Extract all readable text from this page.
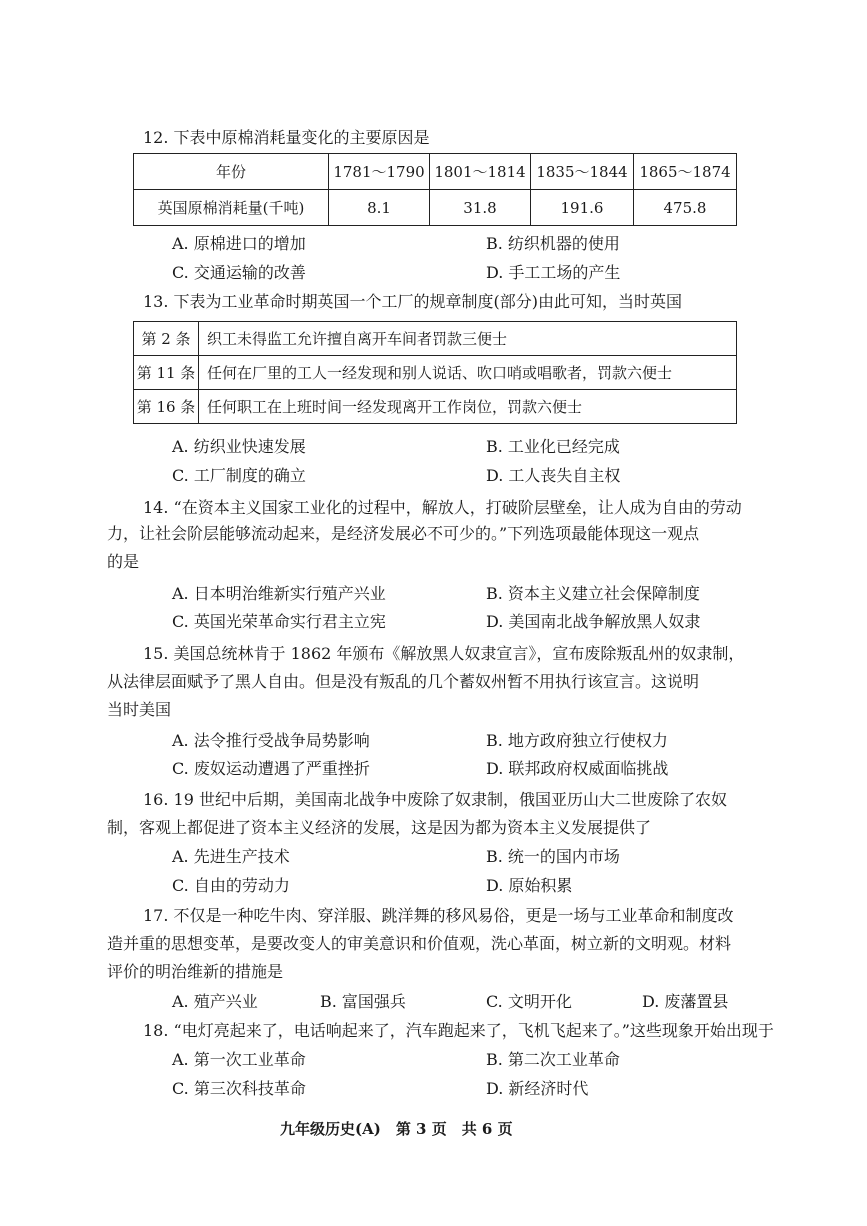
12. 下表中原棉消耗量变化的主要原因是
年份	1781～1790	1801～1814	1835～1844	1865～1874
英国原棉消耗量(千吨)	8.1	31.8	191.6	475.8
A. 原棉进口的增加	B. 纺织机器的使用
C. 交通运输的改善	D. 手工工场的产生
13. 下表为工业革命时期英国一个工厂的规章制度(部分)由此可知，当时英国
第 2 条	织工未得监工允许擅自离开车间者罚款三便士
第 11 条	任何在厂里的工人一经发现和别人说话、吹口哨或唱歌者，罚款六便士
第 16 条	任何职工在上班时间一经发现离开工作岗位，罚款六便士
A. 纺织业快速发展	B. 工业化已经完成
C. 工厂制度的确立	D. 工人丧失自主权
14. “在资本主义国家工业化的过程中，解放人，打破阶层壁垒，让人成为自由的劳动
力，让社会阶层能够流动起来，是经济发展必不可少的。”下列选项最能体现这一观点
的是
A. 日本明治维新实行殖产兴业	B. 资本主义建立社会保障制度
C. 英国光荣革命实行君主立宪	D. 美国南北战争解放黑人奴隶
15. 美国总统林肯于 1862 年颁布《解放黑人奴隶宣言》，宣布废除叛乱州的奴隶制，
从法律层面赋予了黑人自由。但是没有叛乱的几个蓄奴州暂不用执行该宣言。这说明
当时美国
A. 法令推行受战争局势影响	B. 地方政府独立行使权力
C. 废奴运动遭遇了严重挫折	D. 联邦政府权威面临挑战
16. 19 世纪中后期，美国南北战争中废除了奴隶制，俄国亚历山大二世废除了农奴
制，客观上都促进了资本主义经济的发展，这是因为都为资本主义发展提供了
A. 先进生产技术	B. 统一的国内市场
C. 自由的劳动力	D. 原始积累
17. 不仅是一种吃牛肉、穿洋服、跳洋舞的移风易俗，更是一场与工业革命和制度改
造并重的思想变革，是要改变人的审美意识和价值观，洗心革面，树立新的文明观。材料
评价的明治维新的措施是
A. 殖产兴业	B. 富国强兵	C. 文明开化	D. 废藩置县
18. “电灯亮起来了，电话响起来了，汽车跑起来了，飞机飞起来了。”这些现象开始出现于
A. 第一次工业革命	B. 第二次工业革命
C. 第三次科技革命	D. 新经济时代
九年级历史(A)　第 3 页　共 6 页
